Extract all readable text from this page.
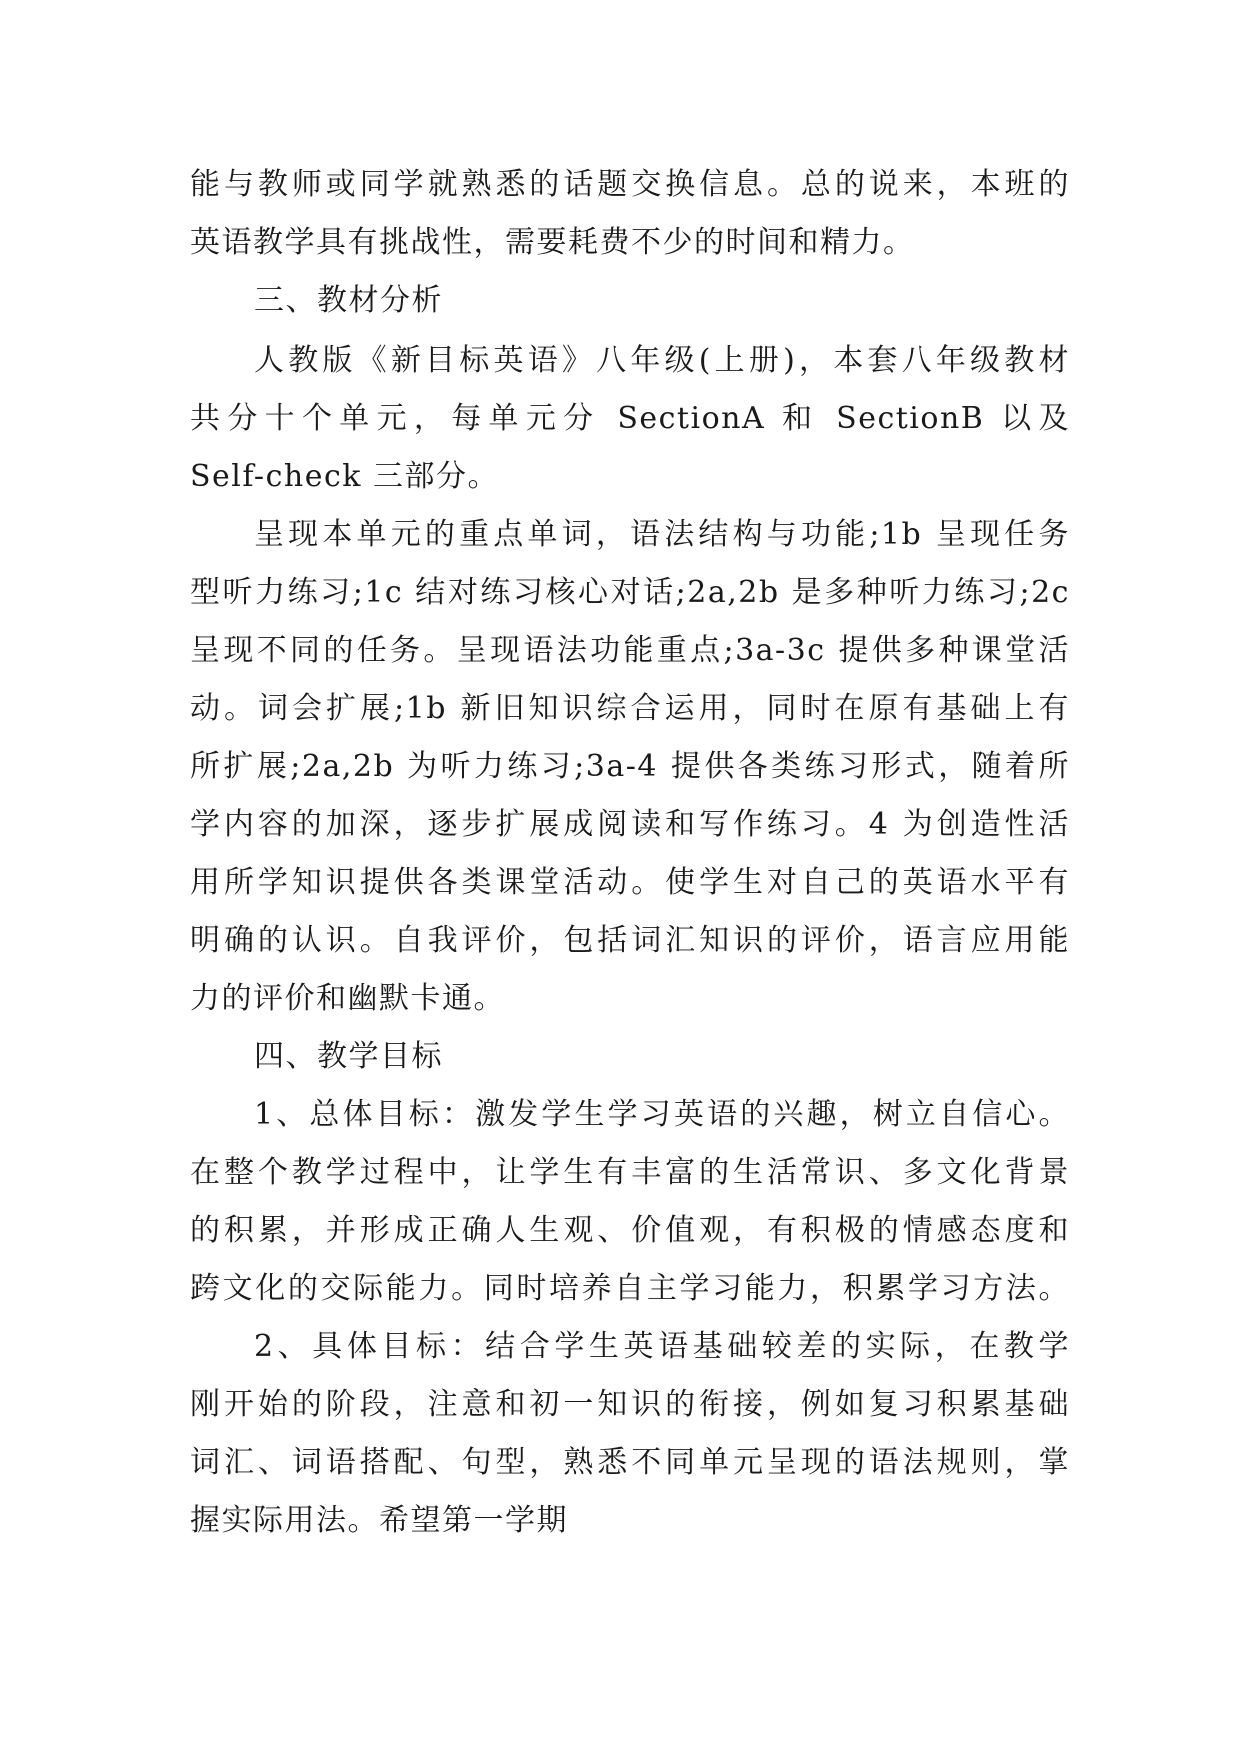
能与教师或同学就熟悉的话题交换信息。总的说来，本班的
英语教学具有挑战性，需要耗费不少的时间和精力。
三、教材分析
人教版《新目标英语》八年级(上册)，本套八年级教材
共分十个单元，每单元分 SectionA 和 SectionB 以及
Self-check 三部分。
呈现本单元的重点单词，语法结构与功能;1b 呈现任务
型听力练习;1c 结对练习核心对话;2a,2b 是多种听力练习;2c
呈现不同的任务。呈现语法功能重点;3a-3c 提供多种课堂活
动。词会扩展;1b 新旧知识综合运用，同时在原有基础上有
所扩展;2a,2b 为听力练习;3a-4 提供各类练习形式，随着所
学内容的加深，逐步扩展成阅读和写作练习。4 为创造性活
用所学知识提供各类课堂活动。使学生对自己的英语水平有
明确的认识。自我评价，包括词汇知识的评价，语言应用能
力的评价和幽默卡通。
四、教学目标
1、总体目标：激发学生学习英语的兴趣，树立自信心。
在整个教学过程中，让学生有丰富的生活常识、多文化背景
的积累，并形成正确人生观、价值观，有积极的情感态度和
跨文化的交际能力。同时培养自主学习能力，积累学习方法。
2、具体目标：结合学生英语基础较差的实际，在教学
刚开始的阶段，注意和初一知识的衔接，例如复习积累基础
词汇、词语搭配、句型，熟悉不同单元呈现的语法规则，掌
握实际用法。希望第一学期
